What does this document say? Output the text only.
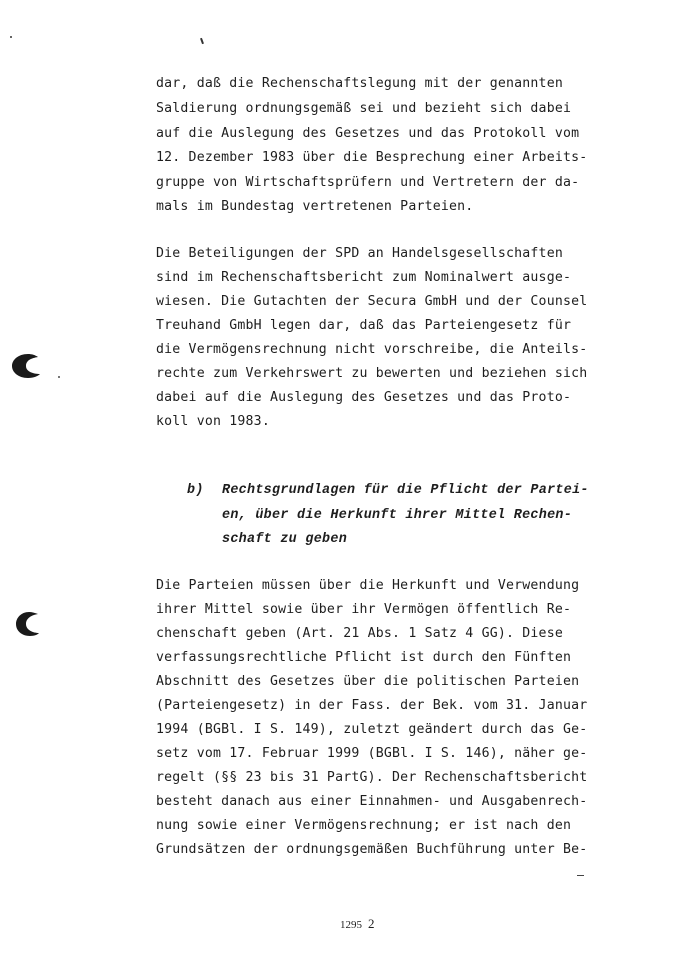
dar, daß die Rechenschaftslegung mit der genannten
Saldierung ordnungsgemäß sei und bezieht sich dabei
auf die Auslegung des Gesetzes und das Protokoll vom
12. Dezember 1983 über die Besprechung einer Arbeits-
gruppe von Wirtschaftsprüfern und Vertretern der da-
mals im Bundestag vertretenen Parteien.
Die Beteiligungen der SPD an Handelsgesellschaften
sind im Rechenschaftsbericht zum Nominalwert ausge-
wiesen. Die Gutachten der Secura GmbH und der Counsel
Treuhand GmbH legen dar, daß das Parteiengesetz für
die Vermögensrechnung nicht vorschreibe, die Anteils-
rechte zum Verkehrswert zu bewerten und beziehen sich
dabei auf die Auslegung des Gesetzes und das Proto-
koll von 1983.
b) Rechtsgrundlagen für die Pflicht der Partei-
en, über die Herkunft ihrer Mittel Rechen-
schaft zu geben
Die Parteien müssen über die Herkunft und Verwendung
ihrer Mittel sowie über ihr Vermögen öffentlich Re-
chenschaft geben (Art. 21 Abs. 1 Satz 4 GG). Diese
verfassungsrechtliche Pflicht ist durch den Fünften
Abschnitt des Gesetzes über die politischen Parteien
(Parteiengesetz) in der Fass. der Bek. vom 31. Januar
1994 (BGBl. I S. 149), zuletzt geändert durch das Ge-
setz vom 17. Februar 1999 (BGBl. I S. 146), näher ge-
regelt (§§ 23 bis 31 PartG). Der Rechenschaftsbericht
besteht danach aus einer Einnahmen- und Ausgabenrech-
nung sowie einer Vermögensrechnung; er ist nach den
Grundsätzen der ordnungsgemäßen Buchführung unter Be-
1295 2
